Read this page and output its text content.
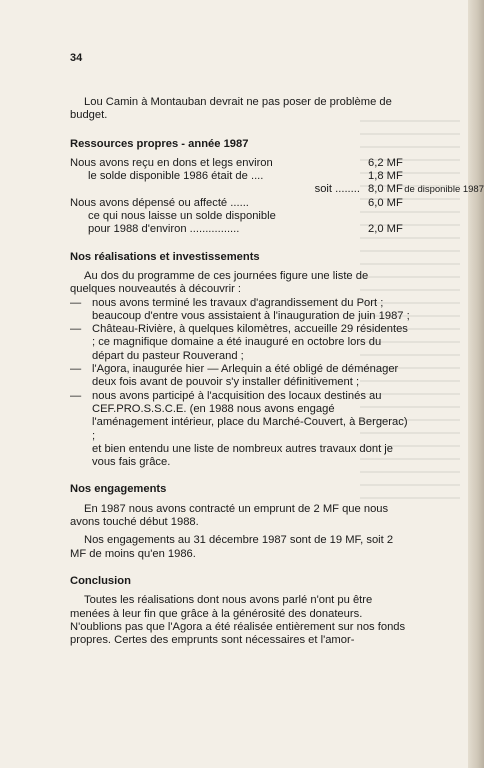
34

Lou Camin à Montauban devrait ne pas poser de problème de budget.

Ressources propres - année 1987
Nous avons reçu en dons et legs environ	6,2 MF
le solde disponible 1986 était de ....	1,8 MF
soit ........ 8,0 MF de disponible 1987
Nous avons dépensé ou affecté ......	6,0 MF
ce qui nous laisse un solde disponible
pour 1988 d'environ ................	2,0 MF
Nos réalisations et investissements

Au dos du programme de ces journées figure une liste de quelques nouveautés à découvrir :

— nous avons terminé les travaux d'agrandissement du Port ; beaucoup d'entre vous assistaient à l'inauguration de juin 1987 ;
— Château-Rivière, à quelques kilomètres, accueille 29 résidentes ; ce magnifique domaine a été inauguré en octobre lors du départ du pasteur Rouverand ;
— l'Agora, inaugurée hier — Arlequin a été obligé de déménager deux fois avant de pouvoir s'y installer définitivement ;
— nous avons participé à l'acquisition des locaux destinés au CEF.PRO.S.S.C.E. (en 1988 nous avons engagé l'aménagement intérieur, place du Marché-Couvert, à Bergerac) ;

et bien entendu une liste de nombreux autres travaux dont je vous fais grâce.

Nos engagements

En 1987 nous avons contracté un emprunt de 2 MF que nous avons touché début 1988.

Nos engagements au 31 décembre 1987 sont de 19 MF, soit 2 MF de moins qu'en 1986.

Conclusion

Toutes les réalisations dont nous avons parlé n'ont pu être menées à leur fin que grâce à la générosité des donateurs. N'oublions pas que l'Agora a été réalisée entièrement sur nos fonds propres. Certes des emprunts sont nécessaires et l'amor-
